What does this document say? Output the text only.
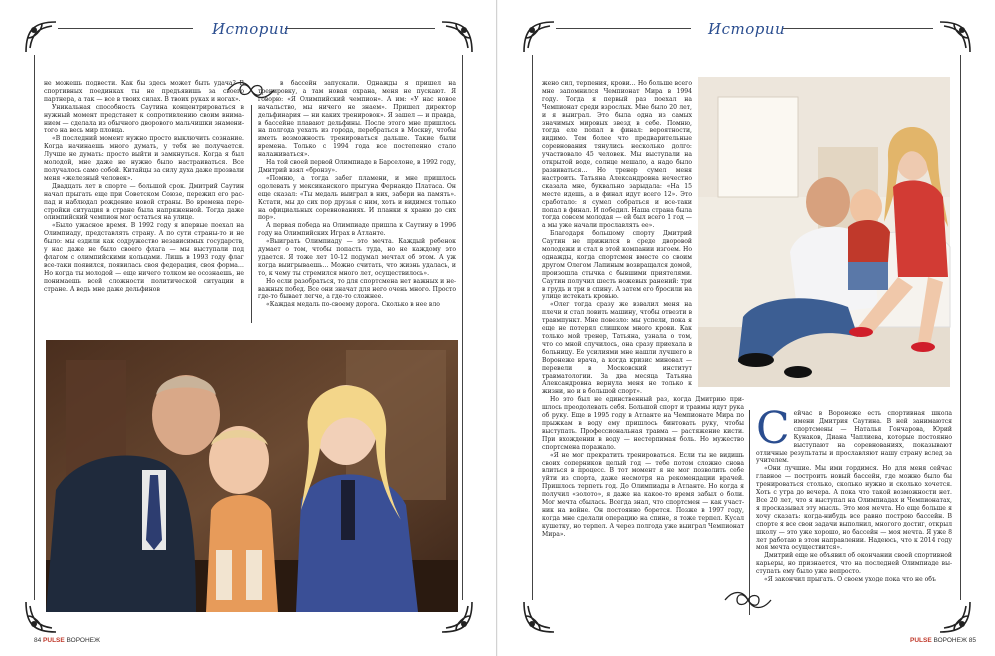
Истории

не можешь подвести. Как бы здесь может быть удача? В спортивных поединках ты не предъявишь за своего партнера, а так — все в твоих силах. В твоих руках и ногах».

Уникальная способность Саутина концентрироваться в нужный момент предстанет к сопротивлению своим вниманием — сделала из обычного дворового мальчишки знаменитого на весь мир пловца.

«В последний момент нужно просто выключить сознание. Когда начинаешь много думать, у тебя не получается. Лучше не думать: просто выйти и замкнуться. Когда я был молодой, мне даже не нужно было настраиваться. Все получалось само собой. Китайцы за силу духа даже прозвали меня «железный человек».

Двадцать лет в спорте — большой срок. Дмитрий Саутин начал прыгать еще при Советском Союзе, пережил его распад и наблюдал рождение новой страны. Во времена перестройки ситуация в стране была напряженной. Тогда даже олимпийский чемпион мог остаться на улице.

«Было ужасное время. В 1992 году я впервые поехал на Олимпиаду, представлять страну. А по сути страны-то и не было: мы ездили как содружество независимых государств, у нас даже не было своего флага — мы выступали под флагом с олимпийскими кольцами. Лишь в 1993 году флаг все-таки появился, появилась своя федерация, своя форма… Но когда ты молодой — еще ничего толком не осознаешь, не понимаешь всей сложности политической ситуации в стране. А ведь мне даже дельфинов

в бассейн запускали. Однажды я пришел на тренировку, а там новая охрана, меня не пускают. Я говорю: «Я Олимпийский чемпион». А им: «У нас новое начальство, мы ничего не знаем». Пришел директор дельфинария — ни каких тренировок». Я зашел — и правда, в бассейне плавают дельфины. После этого мне пришлось на полгода уехать из города, перебраться в Москву, чтобы иметь возможность тренироваться дальше. Такие были времена. Только с 1994 года все постепенно стало налаживаться».

На той своей первой Олимпиаде в Барселоне, в 1992 году, Дмитрий взял «бронзу».

«Помню, а тогда забег пламени, и мне пришлось одолевать у мексиканского прыгуна Фернандо Платаса. Он еще сказал: «Ты медаль выиграл в них, забери на память». Кстати, мы до сих пор друзья с ним, хоть и видимся только на официальных соревнованиях. И планки я храню до сих пор».

А первая победа на Олимпиаде пришла к Саутину в 1996 году на Олимпийских Играх в Атланте.

«Выиграть Олимпиаду — это мечта. Каждый ребенок думает о том, чтобы попасть туда, но не каждому это удается. Я тоже лет 10-12 подумал мечтал об этом. А уж когда выигрываешь… Можно считать, что жизнь удалась, и то, к чему ты стремился много лет, осуществилось».

Но если разобраться, то для спортсмена нет важных и неважных побед. Все они значат для него очень много. Просто где-то бывает легче, а где-то сложнее.

«Каждая медаль по-своему дорога. Сколько в нее вло

84 PULSE ВОРОНЕЖ
Истории

жено сил, терпения, крови… Но больше всего мне запомнился Чемпионат Мира в 1994 году. Тогда я первый раз поехал на Чемпионат среди взрослых. Мне было 20 лет, и я выиграл. Это была одна из самых значимых мировых звезд в себе. Помню, тогда еле попал в финал: вероятности, видимо. Тем более что предварительные соревнования тянулись несколько долго: участвовало 45 человек. Мы выступали на открытой воде, солнце мешало, а надо было развиваться… Но тренер сумел меня настроить. Татьяна Александровна нечестно сказала мне, буквально зарыдала: «На 15 месте идешь, а в финал идут всего 12». Это сработало: я сумел собраться и все-таки попал в финал. И победил. Наша страна была тогда совсем молодая — ей был всего 1 год — а мы уже начали прославлять ее».

Благодаря большому спорту Дмитрий Саутин не прижился в среде дворовой молодежи и стал в этой компании изгоем. Но однажды, когда спортсмен вместе со своим другом Олегом Лапиным возвращался домой, произошла стычка с бывшими приятелями. Саутин получил шесть ножевых ранений: три в грудь и три в спину. А затем его бросили на улице истекать кровью.

«Олег тогда сразу же взвалил меня на плечи и стал ловить машину, чтобы отвезти в травмпункт. Мне повезло: мы успели, пока я еще не потерял слишком много крови. Как только мой тренер, Татьяна, узнала о том, что со мной случилось, она сразу приехала в больницу. Ее усилиями мне нашли лучшего в Воронеже врача, а когда кризис миновал — перевели в Московский институт травматологии. За два месяца Татьяна Александровна вернула меня не только к жизни, но и в большой спорт».

Но это был не единственный раз, когда Дмитрию пришлось преодолевать себя. Большой спорт и травмы идут рука об руку. Еще в 1995 году в Атланте на Чемпионате Мира по прыжкам в воду ему пришлось бинтовать руку, чтобы выступать. Профессиональная травма — растяжение кисти. При вхождении в воду — нестерпимая боль. Но мужество спортсмена поражало.

«Я не мог прекратить тренироваться. Если ты не видишь своих соперников целый год — тебе потом сложно снова влиться в процесс. В тот момент я не мог позволить себе уйти из спорта, даже несмотря на рекомендации врачей. Пришлось терпеть год. До Олимпиады в Атланте. Но когда я получил «золото», я даже на какое-то время забыл о боли. Мог мечта сбылась. Всегда знал, что спортсмен — как участник на войне. Он постоянно борется. Позже в 1997 году, когда мне сделали операцию на спине, я тоже терпел. Кусал кушетку, но терпел. А через полгода уже выиграл Чемпионат Мира».

С ейчас в Воронеже есть спортивная школа имени Дмитрия Саутина. В ней занимаются спортсмены — Наталья Гончарова, Юрий Кунаков, Диана Чаплиева, которые постоянно выступают на соревнованиях, показывают отличные результаты и прославляют нашу страну вслед за учителем.

«Они лучшие. Мы ими гордимся. Но для меня сейчас главное — построить новый бассейн, где можно было бы тренироваться столько, сколько нужно и сколько хочется. Хоть с утра до вечера. А пока что такой возможности нет. Все 20 лет, что я выступал на Олимпиадах и Чемпионатах, я просказывал эту мысль. Это моя мечта. Но еще больше я хочу сказать: когда-нибудь все равно построю бассейн. В спорте я все свои задачи выполнил, многого достиг, открыл школу — это уже хорошо, но бассейн — моя мечта. Я уже 8 лет работаю в этом направлении. Надеюсь, что к 2014 году моя мечта осуществится».

Дмитрий еще не объявил об окончании своей спортивной карьеры, но признается, что на последней Олимпиаде выступать ему было уже непросто.

«Я закончил прыгать. О своем уходе пока что не объ

PULSE ВОРОНЕЖ 85
